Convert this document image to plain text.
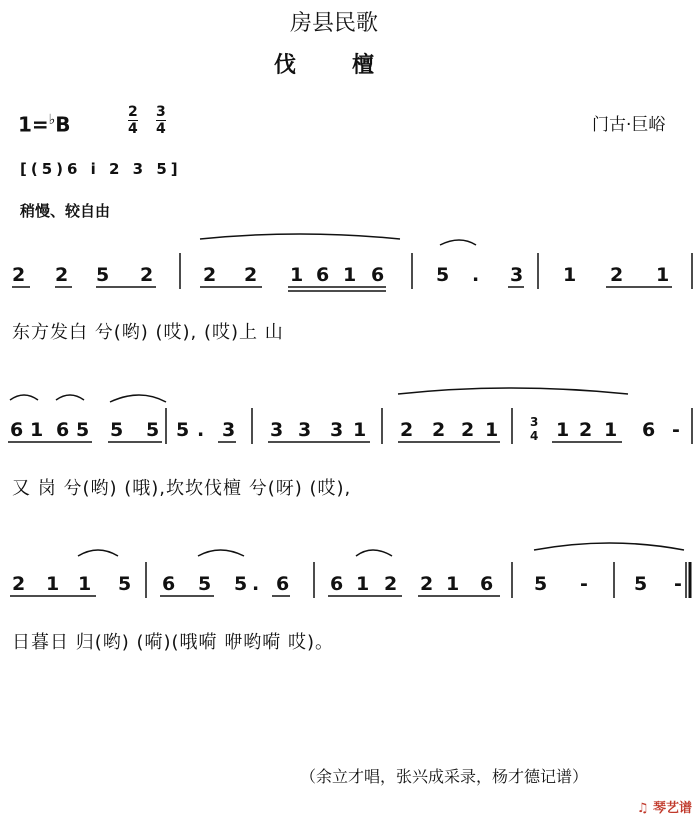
房县民歌
伐　　檀
1=♭B
2
4
3
4	门古·巨峪
[(5)6 i 2 3 5]
稍慢、较自由
2 2 5 2	2 2 1 6 1 6	5 . 3 1 2 1
东方发白 兮(哟) (哎), (哎)上 山
6 1 6 5 5 5 5 . 3 3 3 3 1 2 2 2 1	1 2 1 6 -
3
4
又 岗 兮(哟) (哦),坎坎伐檀 兮(呀) (哎),
2 1 1 5 6 5 5 . 6 6 1 2 2 1 6 5 - 5 -
日暮日 归(哟) (嗬)(哦嗬 咿哟嗬 哎)。
（余立才唱，张兴成采录，杨才德记谱）
♫ 琴艺谱
